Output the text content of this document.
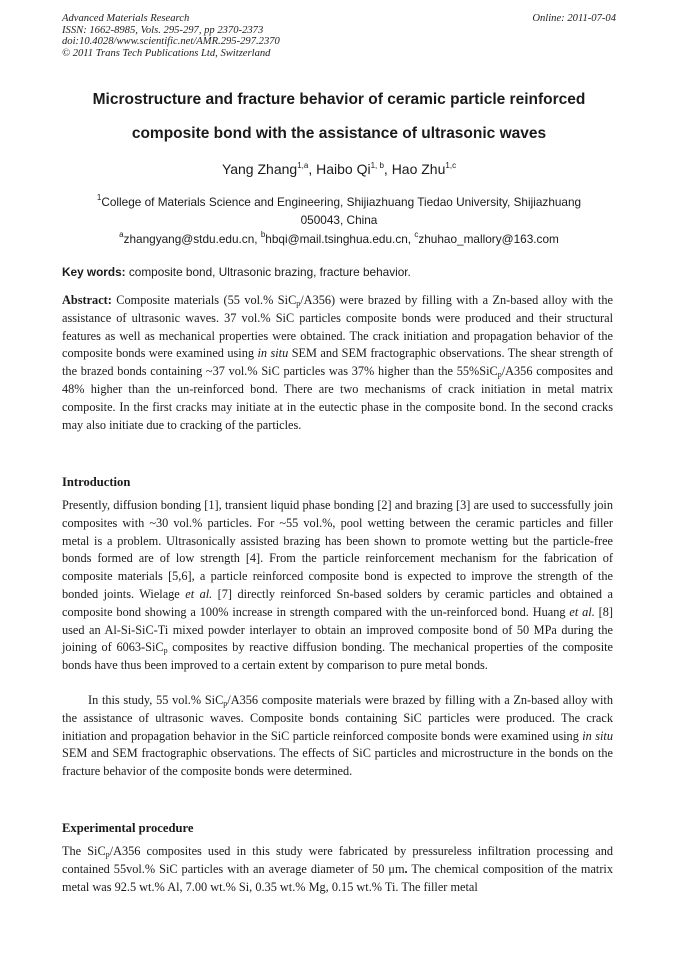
Advanced Materials Research
ISSN: 1662-8985, Vols. 295-297, pp 2370-2373
doi:10.4028/www.scientific.net/AMR.295-297.2370
© 2011 Trans Tech Publications Ltd, Switzerland
Online: 2011-07-04
Microstructure and fracture behavior of ceramic particle reinforced
composite bond with the assistance of ultrasonic waves
Yang Zhang$^{1,a}$, Haibo Qi$^{1, b}$, Hao Zhu$^{1,c}$
$^1$College of Materials Science and Engineering, Shijiazhuang Tiedao University, Shijiazhuang
050043, China
$^a$zhangyang@stdu.edu.cn, $^b$hbqi@mail.tsinghua.edu.cn, $^c$zhuhao_mallory@163.com
Key words: composite bond, Ultrasonic brazing, fracture behavior.
Abstract: Composite materials (55 vol.% SiC$_p$/A356) were brazed by filling with a Zn-based alloy with the assistance of ultrasonic waves. 37 vol.% SiC particles composite bonds were produced and their structural features as well as mechanical properties were obtained. The crack initiation and propagation behavior of the composite bonds were examined using in situ SEM and SEM fractographic observations. The shear strength of the brazed bonds containing ~37 vol.% SiC particles was 37% higher than the 55%SiC$_p$/A356 composites and 48% higher than the un-reinforced bond. There are two mechanisms of crack initiation in metal matrix composite. In the first cracks may initiate at in the eutectic phase in the composite bond. In the second cracks may also initiate due to cracking of the particles.
Introduction
Presently, diffusion bonding [1], transient liquid phase bonding [2] and brazing [3] are used to successfully join composites with ~30 vol.% particles. For ~55 vol.%, pool wetting between the ceramic particles and filler metal is a problem. Ultrasonically assisted brazing has been shown to promote wetting but the particle-free bonds formed are of low strength [4]. From the particle reinforcement mechanism for the fabrication of composite materials [5,6], a particle reinforced composite bond is expected to improve the strength of the bonded joints. Wielage et al. [7] directly reinforced Sn-based solders by ceramic particles and obtained a composite bond showing a 100% increase in strength compared with the un-reinforced bond. Huang et al. [8] used an Al-Si-SiC-Ti mixed powder interlayer to obtain an improved composite bond of 50 MPa during the joining of 6063-SiC$_p$ composites by reactive diffusion bonding. The mechanical properties of the composite bonds have thus been improved to a certain extent by comparison to pure metal bonds.
In this study, 55 vol.% SiC$_p$/A356 composite materials were brazed by filling with a Zn-based alloy with the assistance of ultrasonic waves. Composite bonds containing SiC particles were produced. The crack initiation and propagation behavior in the SiC particle reinforced composite bonds were examined using in situ SEM and SEM fractographic observations. The effects of SiC particles and microstructure in the bonds on the fracture behavior of the composite bonds were determined.
Experimental procedure
The SiC$_p$/A356 composites used in this study were fabricated by pressureless infiltration processing and contained 55vol.% SiC particles with an average diameter of 50 μm. The chemical composition of the matrix metal was 92.5 wt.% Al, 7.00 wt.% Si, 0.35 wt.% Mg, 0.15 wt.% Ti. The filler metal
